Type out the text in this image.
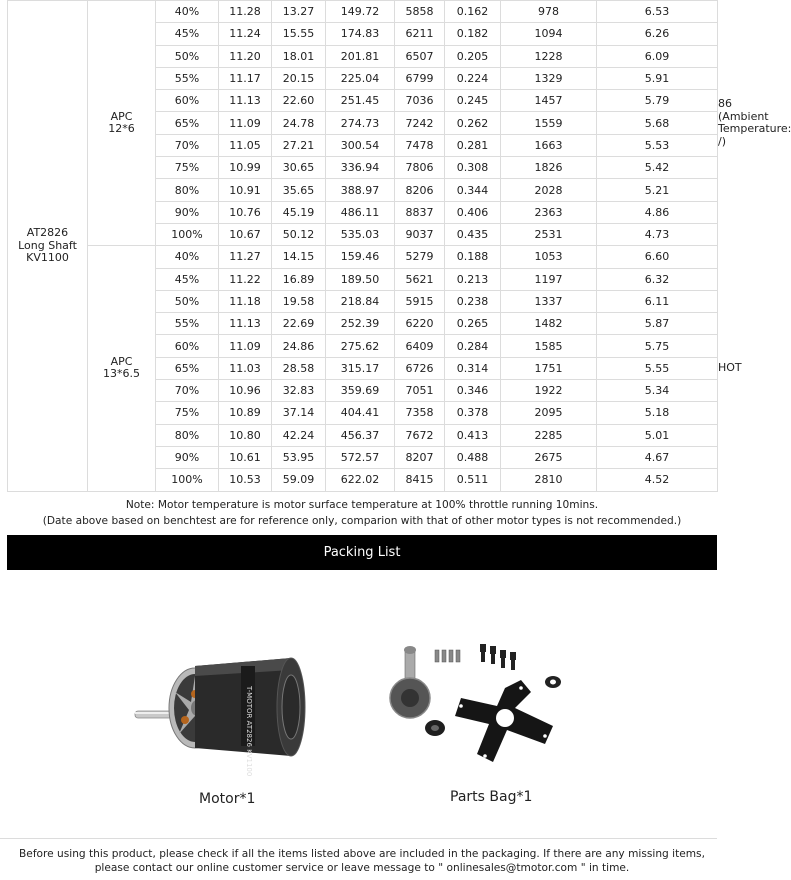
AT2826
Long Shaft
KV1100	APC
12*6	40%	11.28	13.27	149.72	5858	0.162	978	6.53	86
(Ambient
Temperature:
/)
		45%	11.24	15.55	174.83	6211	0.182	1094	6.26	
		50%	11.20	18.01	201.81	6507	0.205	1228	6.09	
		55%	11.17	20.15	225.04	6799	0.224	1329	5.91	
		60%	11.13	22.60	251.45	7036	0.245	1457	5.79	
		65%	11.09	24.78	274.73	7242	0.262	1559	5.68	
		70%	11.05	27.21	300.54	7478	0.281	1663	5.53	
		75%	10.99	30.65	336.94	7806	0.308	1826	5.42	
		80%	10.91	35.65	388.97	8206	0.344	2028	5.21	
		90%	10.76	45.19	486.11	8837	0.406	2363	4.86	
		100%	10.67	50.12	535.03	9037	0.435	2531	4.73	
	APC
13*6.5	40%	11.27	14.15	159.46	5279	0.188	1053	6.60	HOT
		45%	11.22	16.89	189.50	5621	0.213	1197	6.32	
		50%	11.18	19.58	218.84	5915	0.238	1337	6.11	
		55%	11.13	22.69	252.39	6220	0.265	1482	5.87	
		60%	11.09	24.86	275.62	6409	0.284	1585	5.75	
		65%	11.03	28.58	315.17	6726	0.314	1751	5.55	
		70%	10.96	32.83	359.69	7051	0.346	1922	5.34	
		75%	10.89	37.14	404.41	7358	0.378	2095	5.18	
		80%	10.80	42.24	456.37	7672	0.413	2285	5.01	
		90%	10.61	53.95	572.57	8207	0.488	2675	4.67	
		100%	10.53	59.09	622.02	8415	0.511	2810	4.52	
Note: Motor temperature is motor surface temperature at 100% throttle running 10mins.
(Date above based on benchtest are for reference only, comparion with that of other motor types is not recommended.)
Packing List
T-MOTOR AT2826 KV1100
Motor*1	Parts Bag*1
Before using this product, please check if all the items listed above are included in the packaging. If there are any missing items, please contact our online customer service or leave message to " onlinesales@tmotor.com " in time.
